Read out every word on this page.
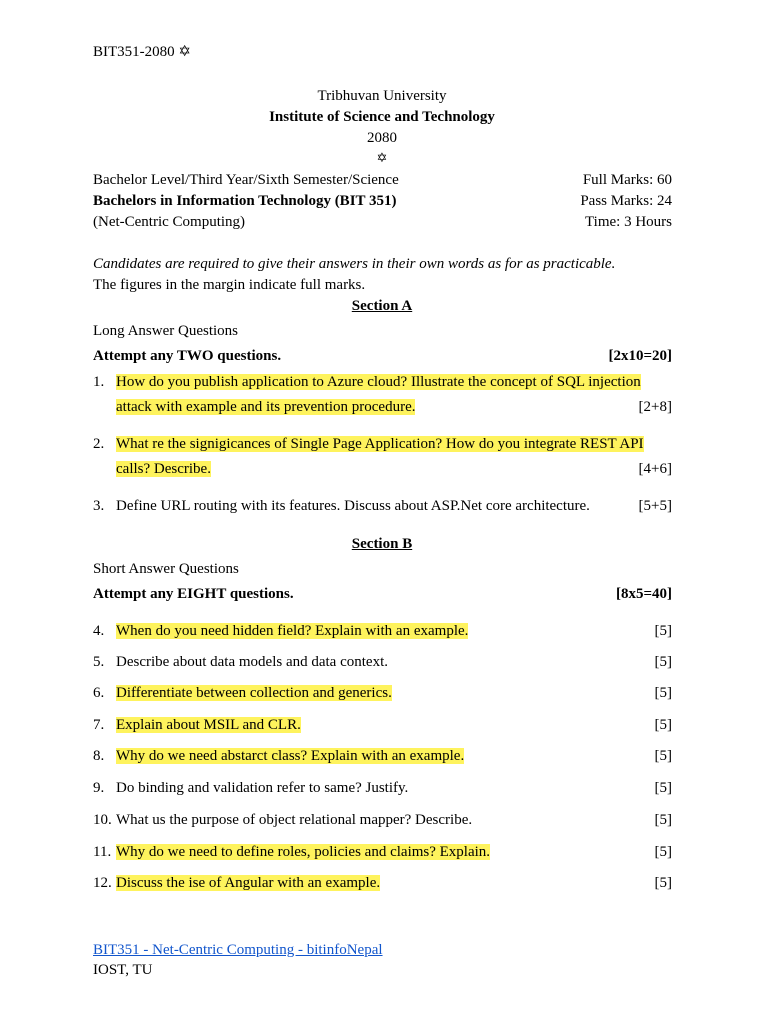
BIT351-2080 ✡
Tribhuvan University
Institute of Science and Technology
2080
✡
Bachelor Level/Third Year/Sixth Semester/Science	Full Marks: 60
Bachelors in Information Technology (BIT 351)	Pass Marks: 24
(Net-Centric Computing)	Time: 3 Hours
Candidates are required to give their answers in their own words as for as practicable.
The figures in the margin indicate full marks.
Section A
Long Answer Questions
Attempt any TWO questions.	[2x10=20]
1. How do you publish application to Azure cloud? Illustrate the concept of SQL injection
attack with example and its prevention procedure.	[2+8]
2. What re the signigicances of Single Page Application? How do you integrate REST API
calls? Describe.	[4+6]
3. Define URL routing with its features. Discuss about ASP.Net core architecture.	[5+5]
Section B
Short Answer Questions
Attempt any EIGHT questions.	[8x5=40]
4. When do you need hidden field? Explain with an example.	[5]
5. Describe about data models and data context.	[5]
6. Differentiate between collection and generics.	[5]
7. Explain about MSIL and CLR.	[5]
8. Why do we need abstarct class? Explain with an example.	[5]
9. Do binding and validation refer to same? Justify.	[5]
10. What us the purpose of object relational mapper? Describe.	[5]
11. Why do we need to define roles, policies and claims? Explain.	[5]
12. Discuss the ise of Angular with an example.	[5]
BIT351 - Net-Centric Computing - bitinfoNepal
IOST, TU
